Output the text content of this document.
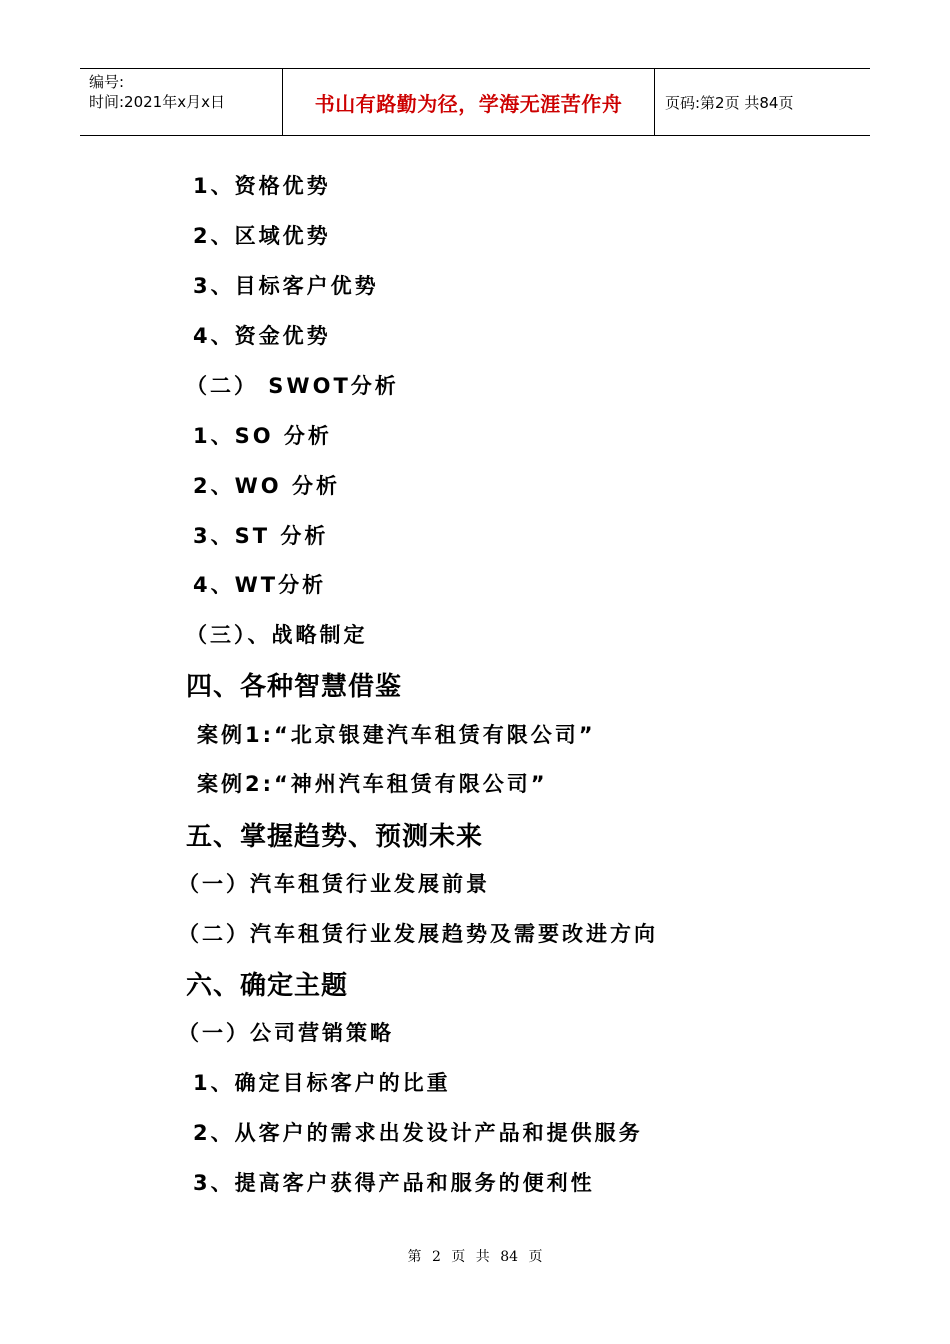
编号:
时间:2021年x月x日	书山有路勤为径，学海无涯苦作舟	页码:第2页 共84页
1、资格优势
2、区域优势
3、目标客户优势
4、资金优势
（二） SWOT分析
1、SO 分析
2、WO 分析
3、ST 分析
4、WT分析
（三）、战略制定
四、各种智慧借鉴
案例1:“北京银建汽车租赁有限公司”
案例2:“神州汽车租赁有限公司”
五、掌握趋势、预测未来
（一）汽车租赁行业发展前景
（二）汽车租赁行业发展趋势及需要改进方向
六、确定主题
（一）公司营销策略
1、确定目标客户的比重
2、从客户的需求出发设计产品和提供服务
3、提高客户获得产品和服务的便利性
第 2 页 共 84 页
